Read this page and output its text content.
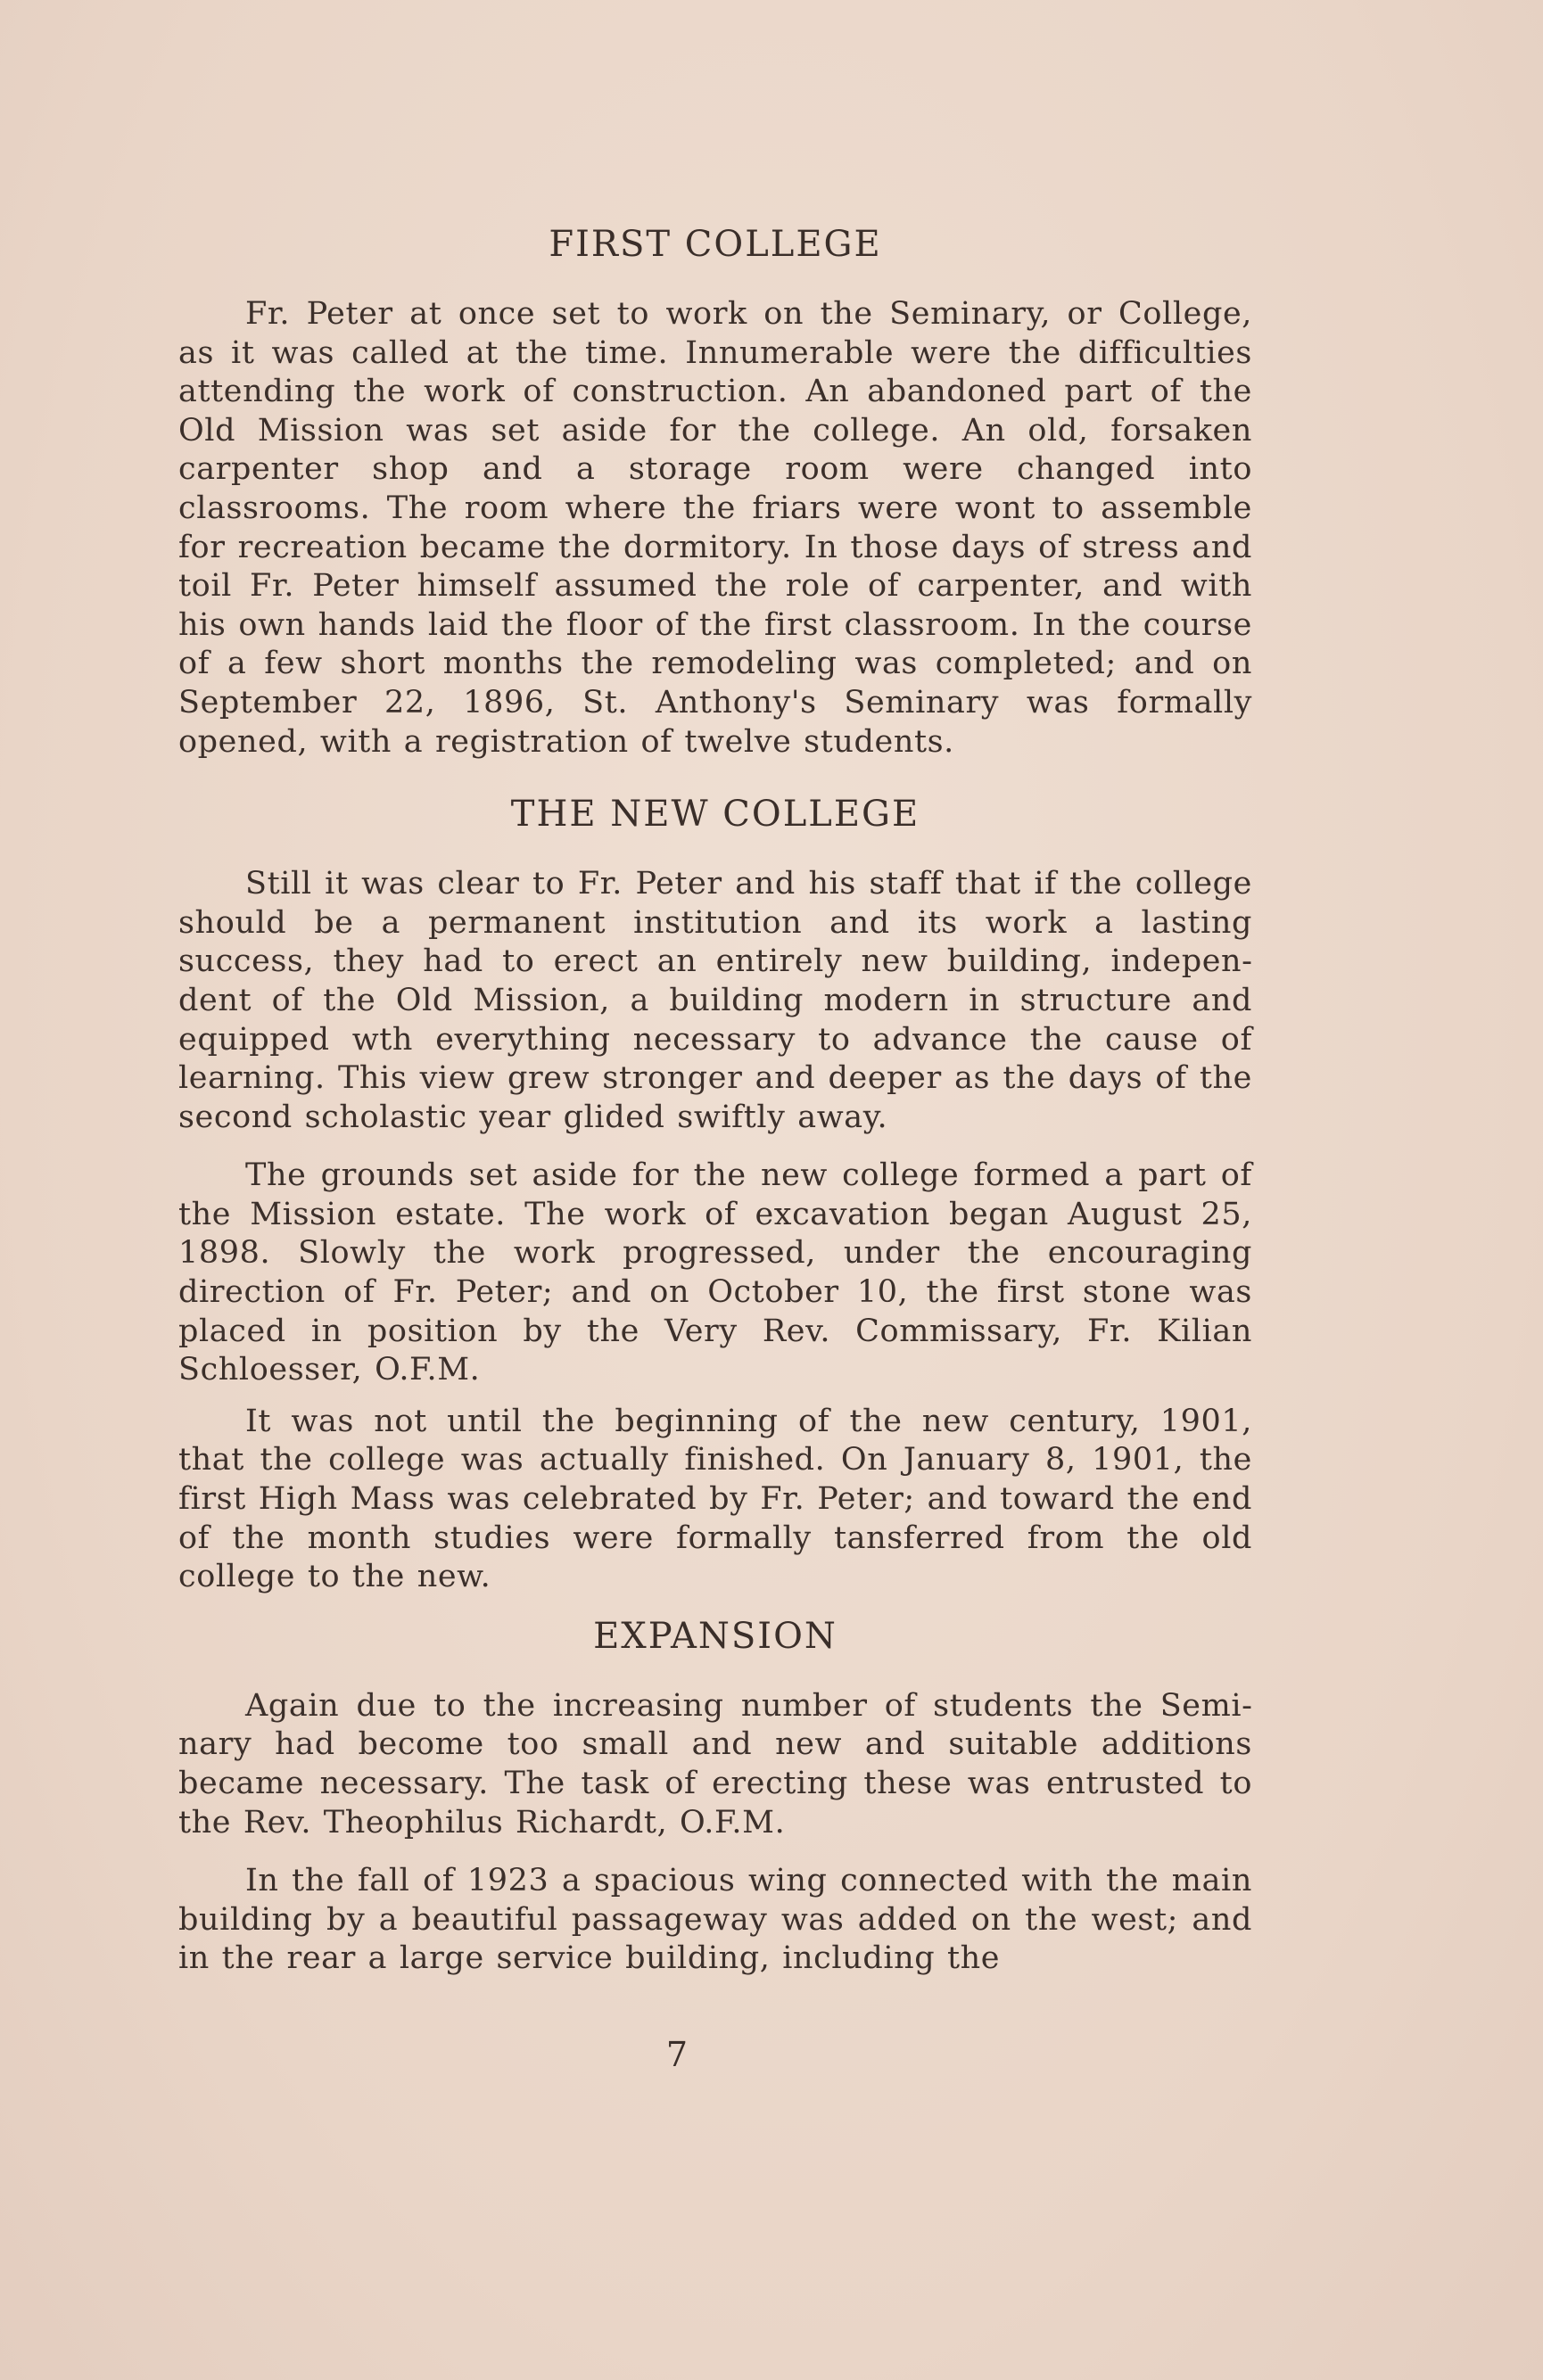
FIRST COLLEGE

Fr. Peter at once set to work on the Seminary, or College, as it was called at the time. Innumerable were the difficulties attending the work of construction. An abandoned part of the Old Mission was set aside for the college. An old, forsaken carpenter shop and a storage room were changed into classrooms. The room where the friars were wont to assemble for recreation became the dormitory. In those days of stress and toil Fr. Peter himself assumed the role of carpenter, and with his own hands laid the floor of the first classroom. In the course of a few short months the remodeling was completed; and on September 22, 1896, St. Anthony's Seminary was formally opened, with a registration of twelve students.

THE NEW COLLEGE

Still it was clear to Fr. Peter and his staff that if the college should be a permanent institution and its work a lasting success, they had to erect an entirely new building, independent of the Old Mission, a building modern in structure and equipped wth everything necessary to advance the cause of learning. This view grew stronger and deeper as the days of the second scholastic year glided swiftly away.

The grounds set aside for the new college formed a part of the Mission estate. The work of excavation began August 25, 1898. Slowly the work progressed, under the encouraging direction of Fr. Peter; and on October 10, the first stone was placed in position by the Very Rev. Commissary, Fr. Kilian Schloesser, O.F.M.

It was not until the beginning of the new century, 1901, that the college was actually finished. On January 8, 1901, the first High Mass was celebrated by Fr. Peter; and toward the end of the month studies were formally tansferred from the old college to the new.

EXPANSION

Again due to the increasing number of students the Seminary had become too small and new and suitable additions became necessary. The task of erecting these was entrusted to the Rev. Theophilus Richardt, O.F.M.

In the fall of 1923 a spacious wing connected with the main building by a beautiful passageway was added on the west; and in the rear a large service building, including the

7
